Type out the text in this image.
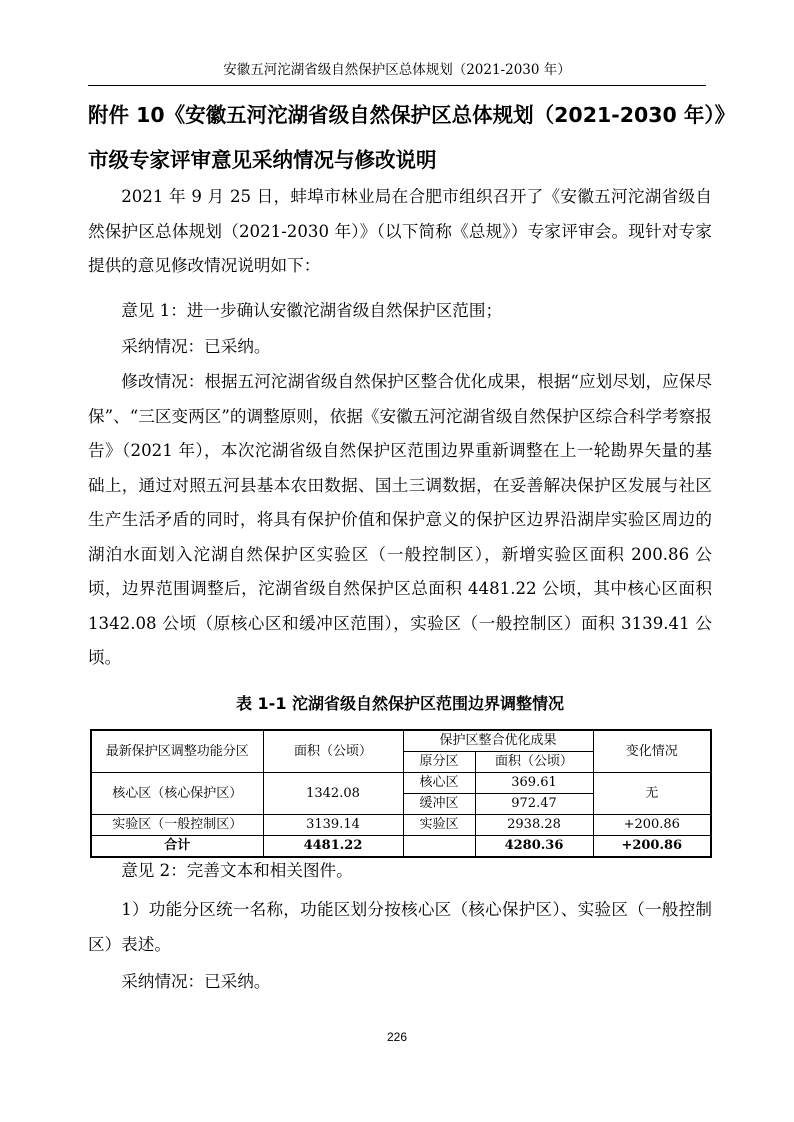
安徽五河沱湖省级自然保护区总体规划（2021-2030 年）
附件 10《安徽五河沱湖省级自然保护区总体规划（2021-2030 年）》
市级专家评审意见采纳情况与修改说明

2021 年 9 月 25 日，蚌埠市林业局在合肥市组织召开了《安徽五河沱湖省级自然保护区总体规划（2021-2030 年）》（以下简称《总规》）专家评审会。现针对专家提供的意见修改情况说明如下：

意见 1：进一步确认安徽沱湖省级自然保护区范围；
采纳情况：已采纳。

修改情况：根据五河沱湖省级自然保护区整合优化成果，根据“应划尽划，应保尽保”、“三区变两区”的调整原则，依据《安徽五河沱湖省级自然保护区综合科学考察报告》（2021 年），本次沱湖省级自然保护区范围边界重新调整在上一轮勘界矢量的基础上，通过对照五河县基本农田数据、国土三调数据，在妥善解决保护区发展与社区生产生活矛盾的同时，将具有保护价值和保护意义的保护区边界沿湖岸实验区周边的湖泊水面划入沱湖自然保护区实验区（一般控制区），新增实验区面积 200.86 公顷，边界范围调整后，沱湖省级自然保护区总面积 4481.22 公顷，其中核心区面积 1342.08 公顷（原核心区和缓冲区范围），实验区（一般控制区）面积 3139.41 公顷。

表 1-1 沱湖省级自然保护区范围边界调整情况
最新保护区调整功能分区	面积（公顷）	保护区整合优化成果		变化情况
		原分区	面积（公顷）	
核心区（核心保护区）	1342.08	核心区	369.61	无
		缓冲区	972.47	
实验区（一般控制区）	3139.14	实验区	2938.28	+200.86
合计	4481.22		4280.36	+200.86
意见 2：完善文本和相关图件。

1）功能分区统一名称，功能区划分按核心区（核心保护区）、实验区（一般控制区）表述。

采纳情况：已采纳。
226
